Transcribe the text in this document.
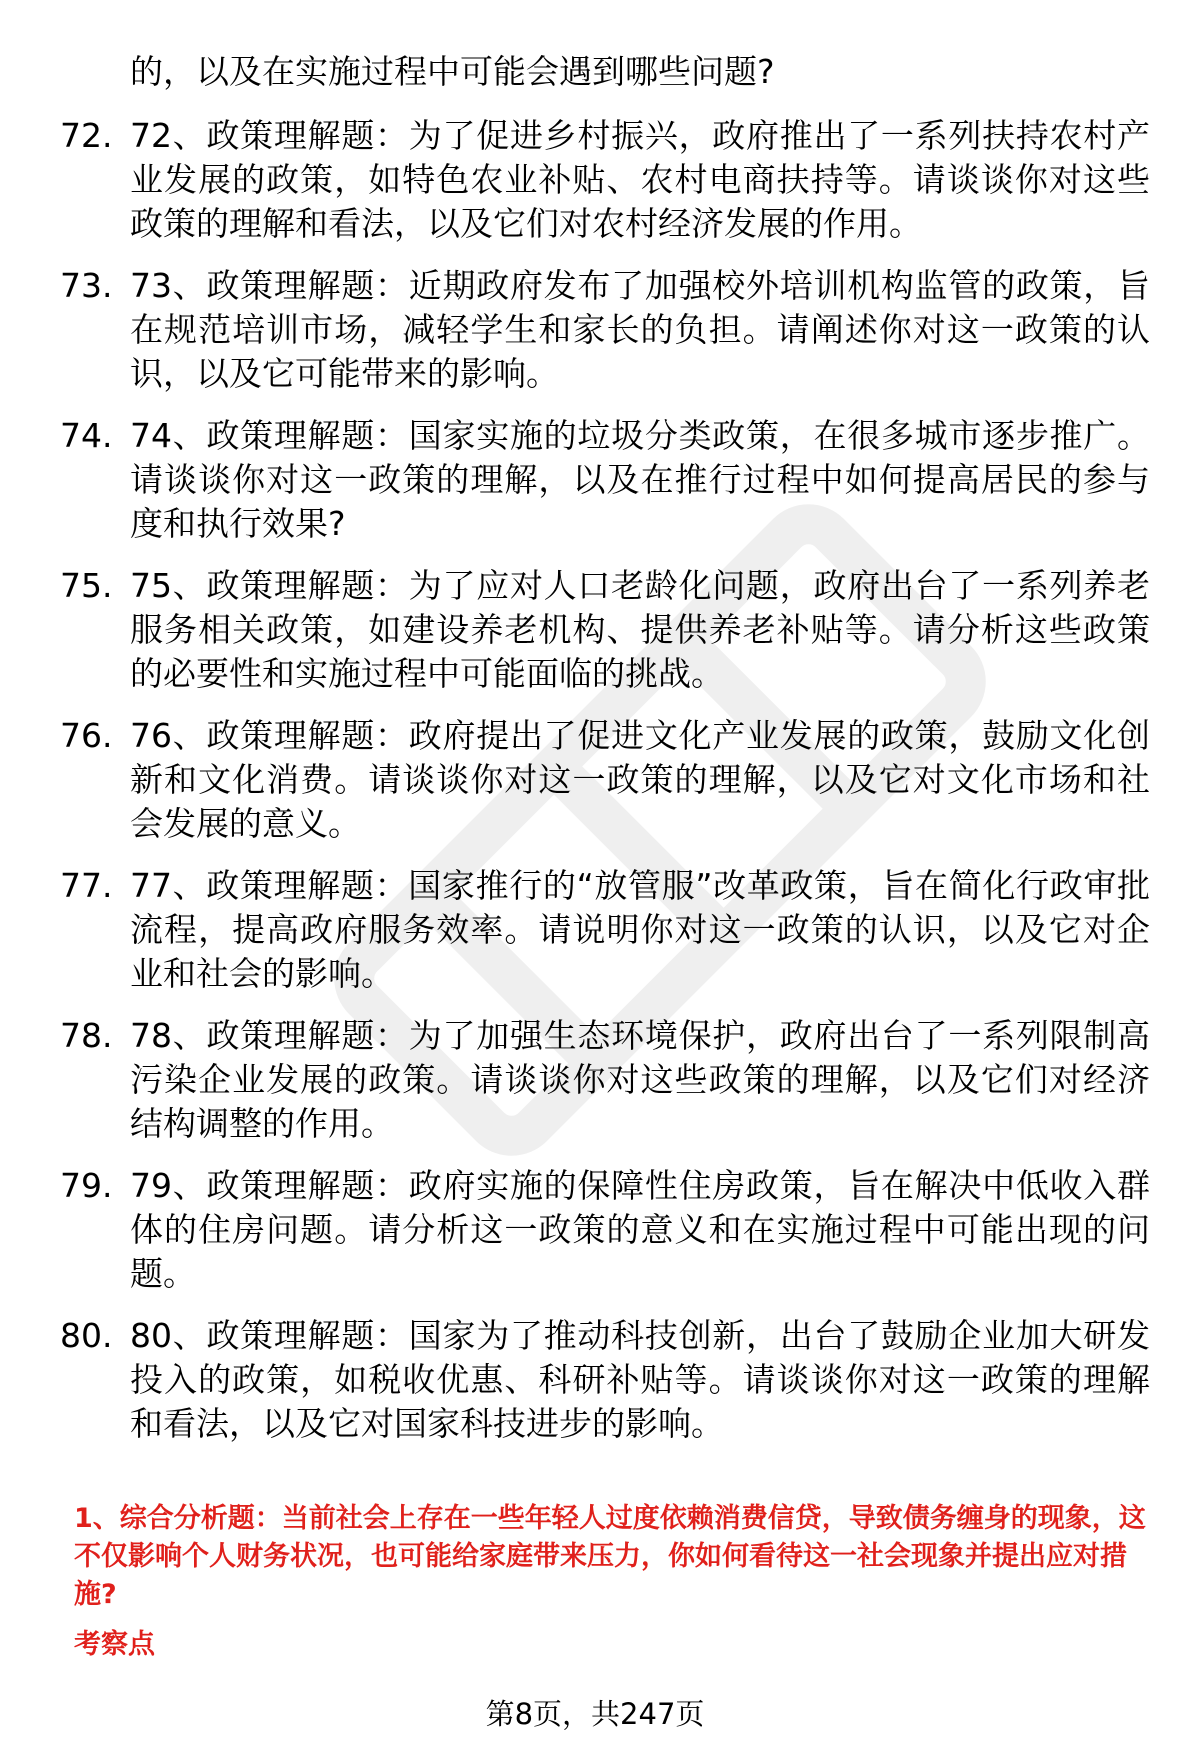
的，以及在实施过程中可能会遇到哪些问题?
72. 72、政策理解题：为了促进乡村振兴，政府推出了一系列扶持农村产业发展的政策，如特色农业补贴、农村电商扶持等。请谈谈你对这些政策的理解和看法，以及它们对农村经济发展的作用。
73. 73、政策理解题：近期政府发布了加强校外培训机构监管的政策，旨在规范培训市场，减轻学生和家长的负担。请阐述你对这一政策的认识，以及它可能带来的影响。
74. 74、政策理解题：国家实施的垃圾分类政策，在很多城市逐步推广。请谈谈你对这一政策的理解，以及在推行过程中如何提高居民的参与度和执行效果?
75. 75、政策理解题：为了应对人口老龄化问题，政府出台了一系列养老服务相关政策，如建设养老机构、提供养老补贴等。请分析这些政策的必要性和实施过程中可能面临的挑战。
76. 76、政策理解题：政府提出了促进文化产业发展的政策，鼓励文化创新和文化消费。请谈谈你对这一政策的理解，以及它对文化市场和社会发展的意义。
77. 77、政策理解题：国家推行的“放管服”改革政策，旨在简化行政审批流程，提高政府服务效率。请说明你对这一政策的认识，以及它对企业和社会的影响。
78. 78、政策理解题：为了加强生态环境保护，政府出台了一系列限制高污染企业发展的政策。请谈谈你对这些政策的理解，以及它们对经济结构调整的作用。
79. 79、政策理解题：政府实施的保障性住房政策，旨在解决中低收入群体的住房问题。请分析这一政策的意义和在实施过程中可能出现的问题。
80. 80、政策理解题：国家为了推动科技创新，出台了鼓励企业加大研发投入的政策，如税收优惠、科研补贴等。请谈谈你对这一政策的理解和看法，以及它对国家科技进步的影响。
1、综合分析题：当前社会上存在一些年轻人过度依赖消费信贷，导致债务缠身的现象，这不仅影响个人财务状况，也可能给家庭带来压力，你如何看待这一社会现象并提出应对措施?
考察点
第8页，共247页
